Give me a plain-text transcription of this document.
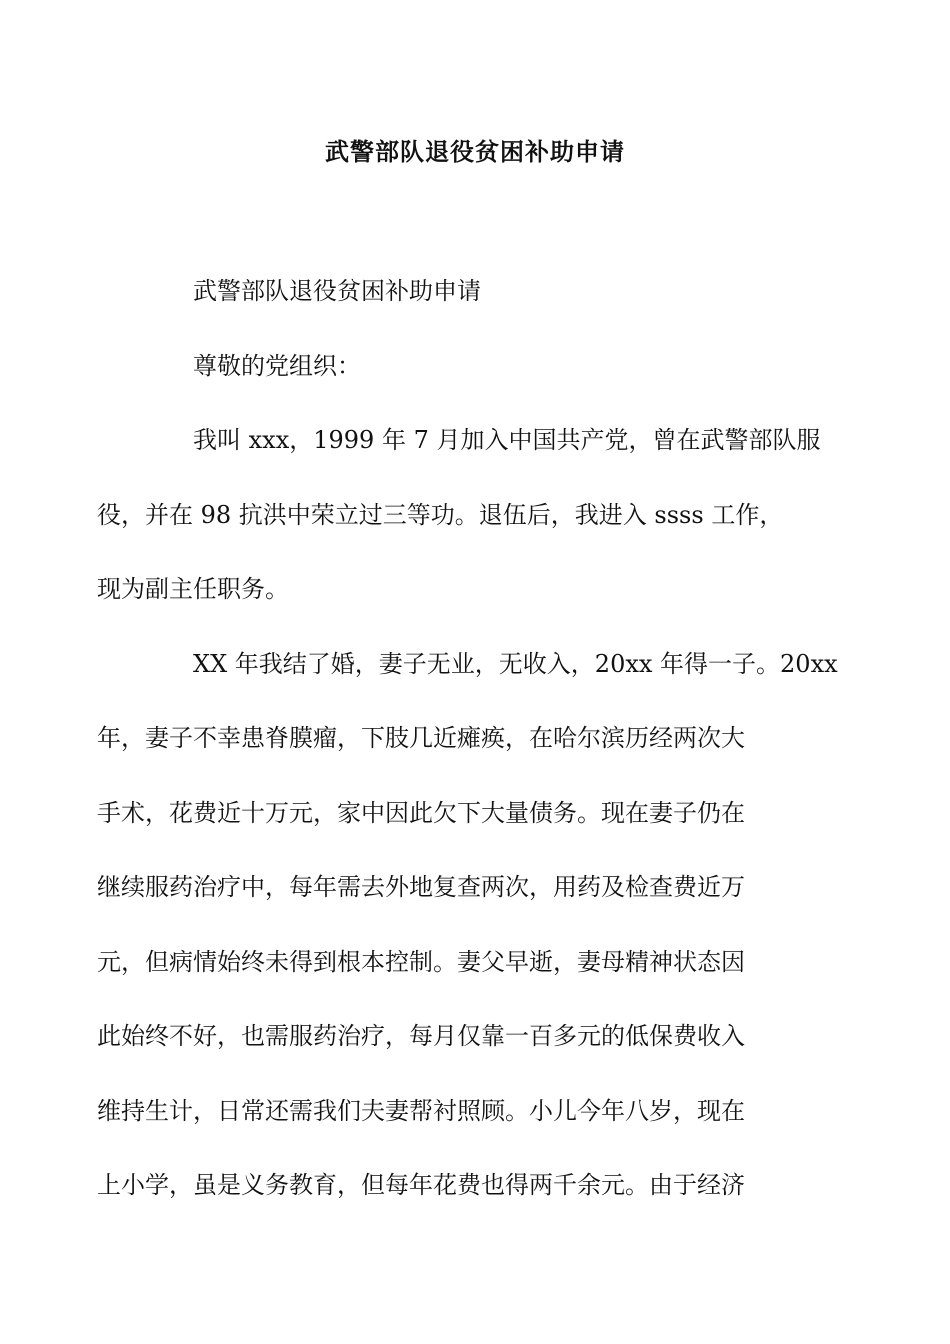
武警部队退役贫困补助申请

武警部队退役贫困补助申请

尊敬的党组织：

我叫 xxx，1999 年 7 月加入中国共产党，曾在武警部队服
役，并在 98 抗洪中荣立过三等功。退伍后，我进入 ssss 工作，
现为副主任职务。

XX 年我结了婚，妻子无业，无收入，20xx 年得一子。20xx
年，妻子不幸患脊膜瘤，下肢几近瘫痪，在哈尔滨历经两次大
手术，花费近十万元，家中因此欠下大量债务。现在妻子仍在
继续服药治疗中，每年需去外地复查两次，用药及检查费近万
元，但病情始终未得到根本控制。妻父早逝，妻母精神状态因
此始终不好，也需服药治疗，每月仅靠一百多元的低保费收入
维持生计，日常还需我们夫妻帮衬照顾。小儿今年八岁，现在
上小学，虽是义务教育，但每年花费也得两千余元。由于经济
